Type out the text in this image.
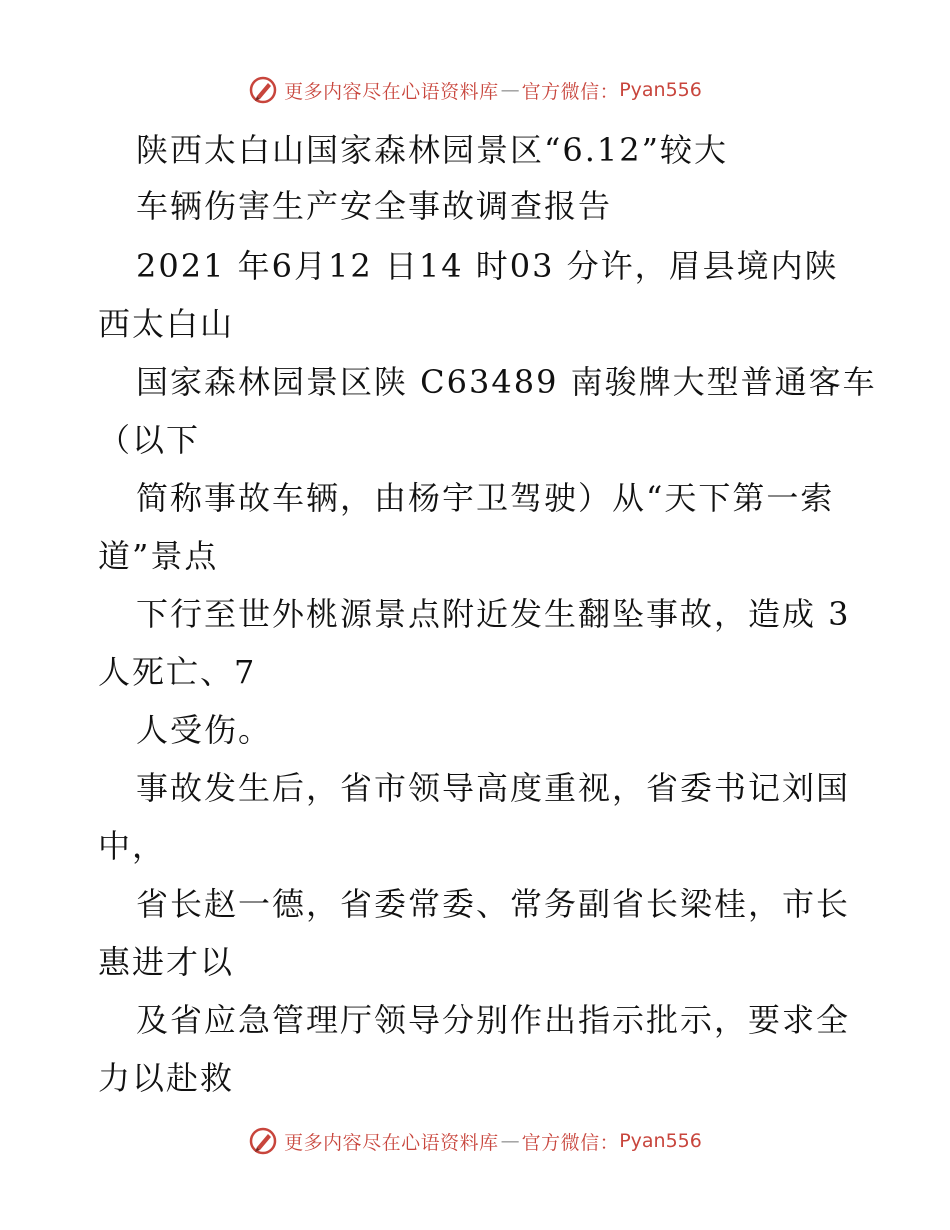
更多内容尽在心语资料库 — 官方微信： Pyan556
陕西太白山国家森林园景区“6.12”较大
车辆伤害生产安全事故调查报告
2021 年6月12 日14 时03 分许，眉县境内陕
西太白山
国家森林园景区陕 C63489 南骏牌大型普通客车
（以下
简称事故车辆，由杨宇卫驾驶）从“天下第一索
道”景点
下行至世外桃源景点附近发生翻坠事故，造成 3
人死亡、7
人受伤。
事故发生后，省市领导高度重视，省委书记刘国
中，
省长赵一德，省委常委、常务副省长梁桂，市长
惠进才以
及省应急管理厅领导分别作出指示批示，要求全
力以赴救
更多内容尽在心语资料库 — 官方微信： Pyan556
